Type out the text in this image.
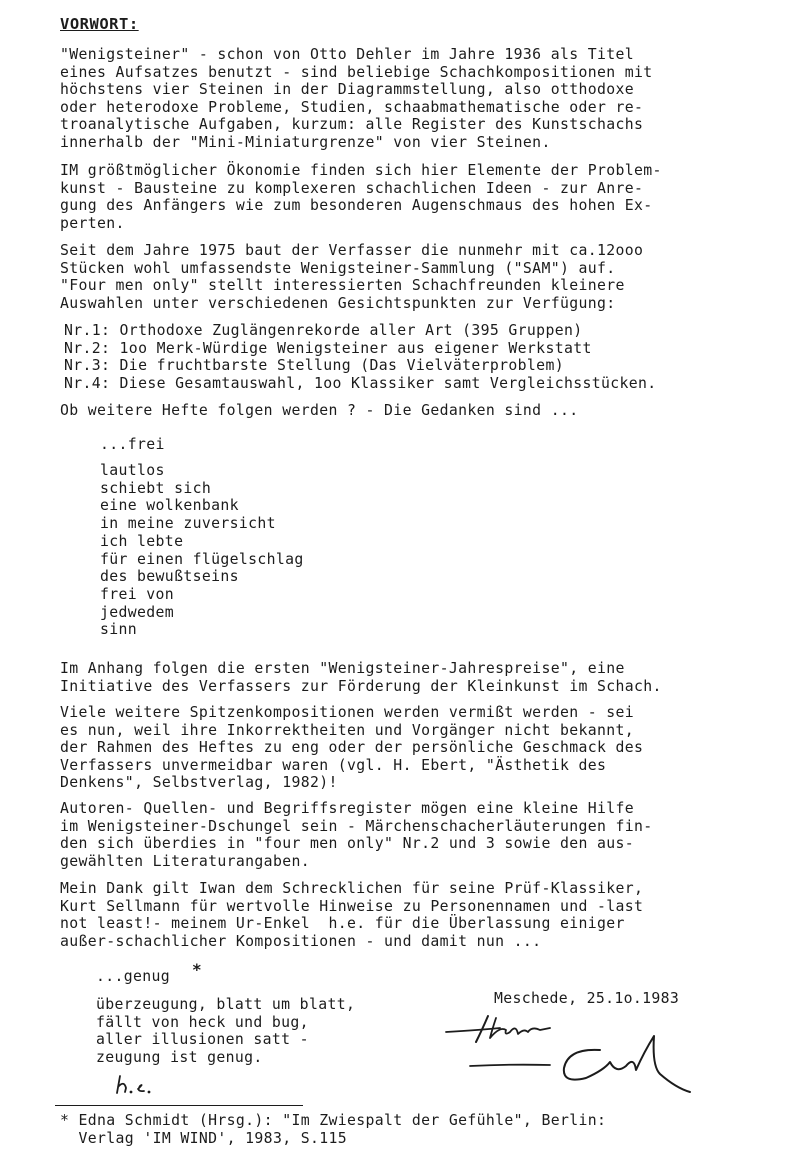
VORWORT:
"Wenigsteiner" - schon von Otto Dehler im Jahre 1936 als Titel
eines Aufsatzes benutzt - sind beliebige Schachkompositionen mit
höchstens vier Steinen in der Diagrammstellung, also otthodoxe
oder heterodoxe Probleme, Studien, schaabmathematische oder re-
troanalytische Aufgaben, kurzum: alle Register des Kunstschachs
innerhalb der "Mini-Miniaturgrenze" von vier Steinen.
IM größtmöglicher Ökonomie finden sich hier Elemente der Problem-
kunst - Bausteine zu komplexeren schachlichen Ideen - zur Anre-
gung des Anfängers wie zum besonderen Augenschmaus des hohen Ex-
perten.
Seit dem Jahre 1975 baut der Verfasser die nunmehr mit ca.12ooo
Stücken wohl umfassendste Wenigsteiner-Sammlung ("SAM") auf.
"Four men only" stellt interessierten Schachfreunden kleinere
Auswahlen unter verschiedenen Gesichtspunkten zur Verfügung:
Nr.1: Orthodoxe Zuglängenrekorde aller Art (395 Gruppen)
Nr.2: 1oo Merk-Würdige Wenigsteiner aus eigener Werkstatt
Nr.3: Die fruchtbarste Stellung (Das Vielväterproblem)
Nr.4: Diese Gesamtauswahl, 1oo Klassiker samt Vergleichsstücken.
Ob weitere Hefte folgen werden ? - Die Gedanken sind ...
...frei
lautlos
schiebt sich
eine wolkenbank
in meine zuversicht
ich lebte
für einen flügelschlag
des bewußtseins
frei von
jedwedem
sinn
Im Anhang folgen die ersten "Wenigsteiner-Jahrespreise", eine
Initiative des Verfassers zur Förderung der Kleinkunst im Schach.
Viele weitere Spitzenkompositionen werden vermißt werden - sei
es nun, weil ihre Inkorrektheiten und Vorgänger nicht bekannt,
der Rahmen des Heftes zu eng oder der persönliche Geschmack des
Verfassers unvermeidbar waren (vgl. H. Ebert, "Ästhetik des
Denkens", Selbstverlag, 1982)!
Autoren- Quellen- und Begriffsregister mögen eine kleine Hilfe
im Wenigsteiner-Dschungel sein - Märchenschacherläuterungen fin-
den sich überdies in "four men only" Nr.2 und 3 sowie den aus-
gewählten Literaturangaben.
Mein Dank gilt Iwan dem Schrecklichen für seine Prüf-Klassiker,
Kurt Sellmann für wertvolle Hinweise zu Personennamen und -last
not least!- meinem Ur-Enkel  h.e. für die Überlassung einiger
außer-schachlicher Kompositionen - und damit nun ...
...genug *
überzeugung, blatt um blatt,
fällt von heck und bug,
aller illusionen satt -
zeugung ist genug.
Meschede, 25.1o.1983
* Edna Schmidt (Hrsg.): "Im Zwiespalt der Gefühle", Berlin:
Verlag 'IM WIND', 1983, S.115
